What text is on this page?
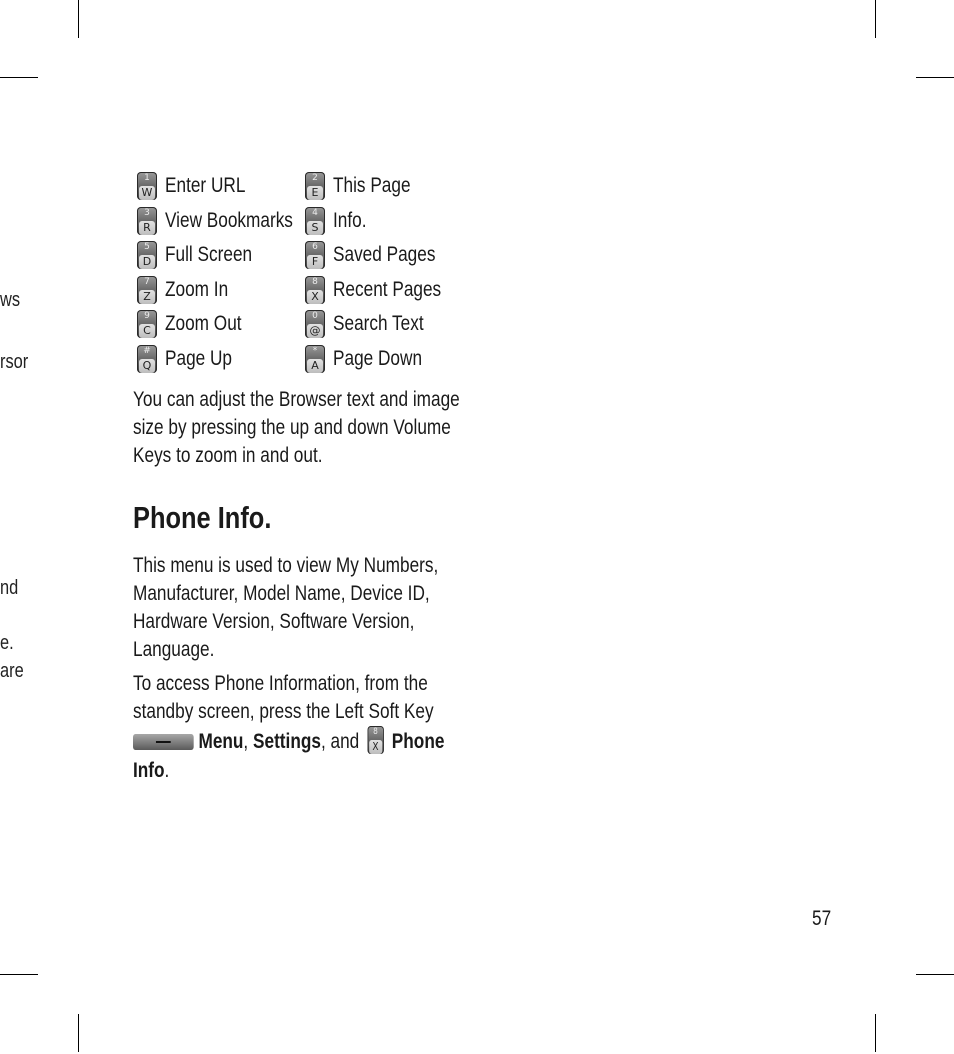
ws
rsor
nd
e.
are
1
W Enter URL
3
R View Bookmarks
5
D Full Screen
7
Z Zoom In
9
C Zoom Out
#
Q Page Up
2
E This Page
4
S Info.
6
F Saved Pages
8
X Recent Pages
0
@ Search Text
*
A Page Down

You can adjust the Browser text and image size by pressing the up and down Volume Keys to zoom in and out.

Phone Info.

This menu is used to view My Numbers, Manufacturer, Model Name, Device ID, Hardware Version, Software Version, Language.

To access Phone Information, from the standby screen, press the Left Soft Key

Menu, Settings, and	8
X Phone Info.

57
